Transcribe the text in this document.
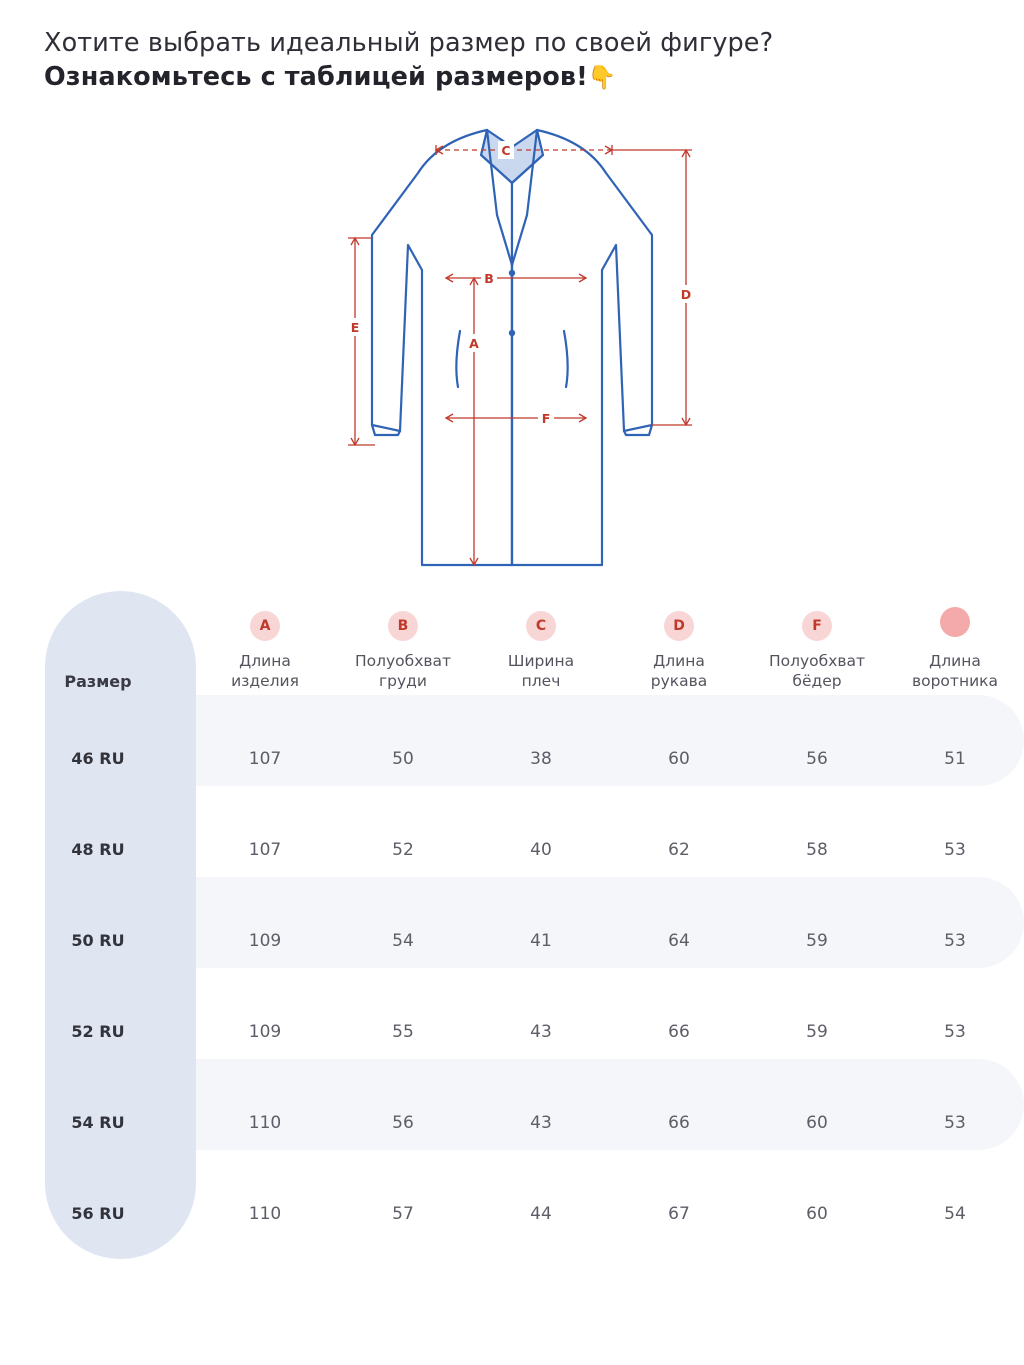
Хотите выбрать идеальный размер по своей фигуре?
Ознакомьтесь с таблицей размеров!👇
C
B
A
F
D
E
Размер

A
Длина
изделия

B
Полуобхват
груди

C
Ширина
плеч

D
Длина
рукава

F
Полуобхват
бёдер

Длина
воротника

46 RU	107	50	38	60	56	51
48 RU	107	52	40	62	58	53
50 RU	109	54	41	64	59	53
52 RU	109	55	43	66	59	53
54 RU	110	56	43	66	60	53
56 RU	110	57	44	67	60	54
